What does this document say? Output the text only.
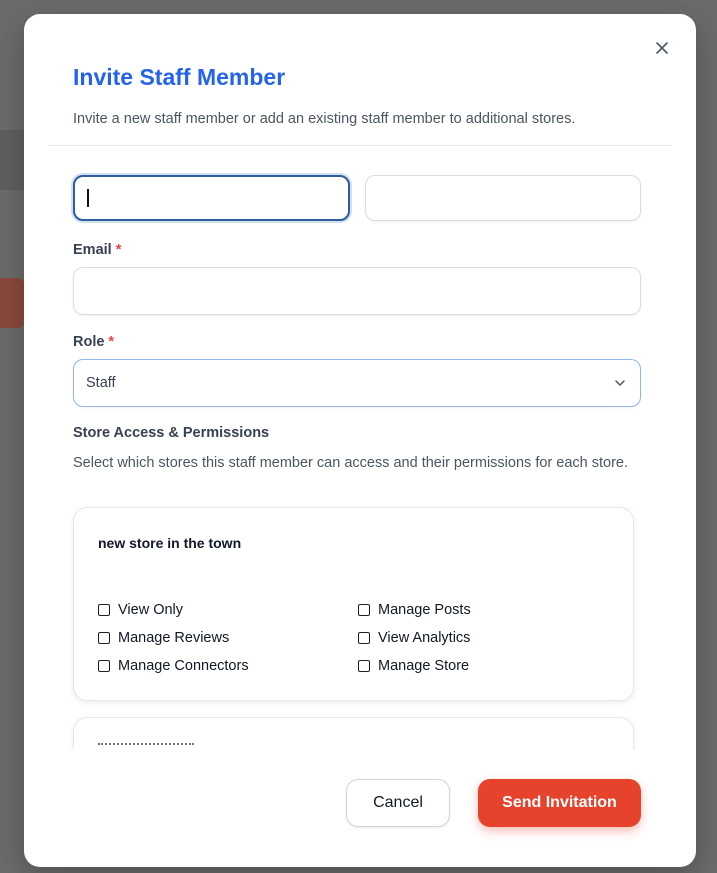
Invite Staff Member

Invite a new staff member or add an existing staff member to additional stores.

Email *
Role *
Staff
Store Access & Permissions
Select which stores this staff member can access and their permissions for each store.
new store in the town
View Only	Manage Posts
Manage Reviews	View Analytics
Manage Connectors	Manage Store
Cancel	Send Invitation
